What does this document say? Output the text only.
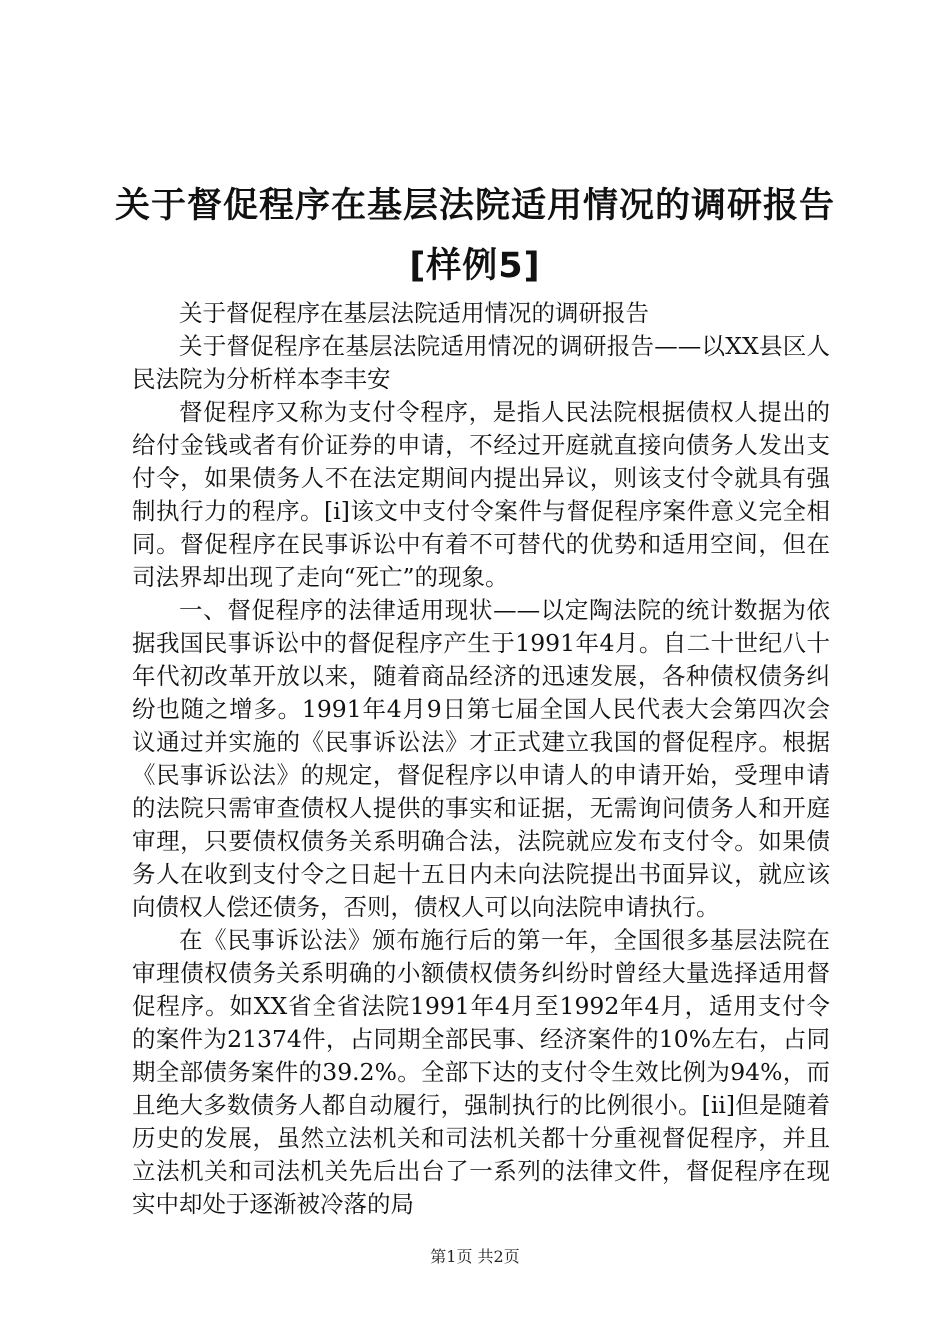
关于督促程序在基层法院适用情况的调研报告[样例5]

关于督促程序在基层法院适用情况的调研报告

关于督促程序在基层法院适用情况的调研报告——以XX县区人民法院为分析样本李丰安

督促程序又称为支付令程序，是指人民法院根据债权人提出的给付金钱或者有价证券的申请，不经过开庭就直接向债务人发出支付令，如果债务人不在法定期间内提出异议，则该支付令就具有强制执行力的程序。[i]该文中支付令案件与督促程序案件意义完全相同。督促程序在民事诉讼中有着不可替代的优势和适用空间，但在司法界却出现了走向“死亡”的现象。

一、督促程序的法律适用现状——以定陶法院的统计数据为依据我国民事诉讼中的督促程序产生于1991年4月。自二十世纪八十年代初改革开放以来，随着商品经济的迅速发展，各种债权债务纠纷也随之增多。1991年4月9日第七届全国人民代表大会第四次会议通过并实施的《民事诉讼法》才正式建立我国的督促程序。根据《民事诉讼法》的规定，督促程序以申请人的申请开始，受理申请的法院只需审查债权人提供的事实和证据，无需询问债务人和开庭审理，只要债权债务关系明确合法，法院就应发布支付令。如果债务人在收到支付令之日起十五日内未向法院提出书面异议，就应该向债权人偿还债务，否则，债权人可以向法院申请执行。

在《民事诉讼法》颁布施行后的第一年，全国很多基层法院在审理债权债务关系明确的小额债权债务纠纷时曾经大量选择适用督促程序。如XX省全省法院1991年4月至1992年4月，适用支付令的案件为21374件，占同期全部民事、经济案件的10%左右，占同期全部债务案件的39.2%。全部下达的支付令生效比例为94%，而且绝大多数债务人都自动履行，强制执行的比例很小。[ii]但是随着历史的发展，虽然立法机关和司法机关都十分重视督促程序，并且立法机关和司法机关先后出台了一系列的法律文件，督促程序在现实中却处于逐渐被冷落的局

第1页 共2页
